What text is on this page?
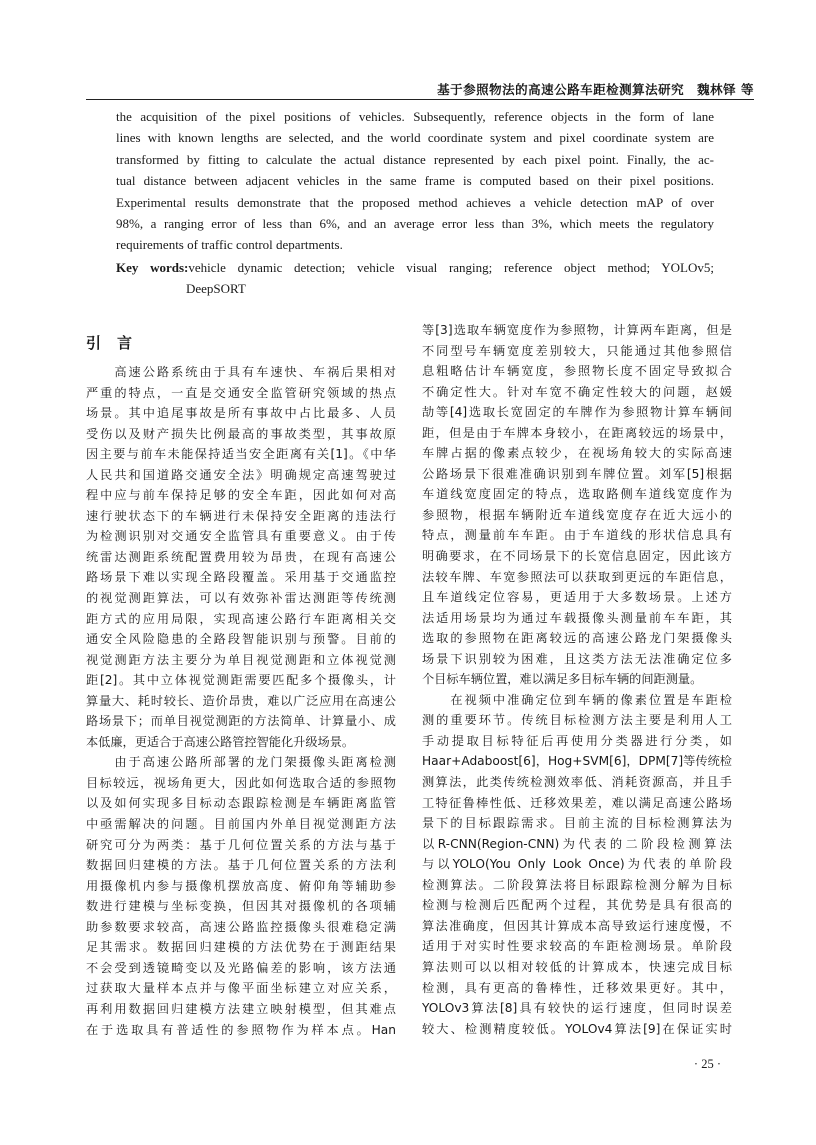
基于参照物法的高速公路车距检测算法研究　魏林铎 等
the acquisition of the pixel positions of vehicles. Subsequently, reference objects in the form of lane
lines with known lengths are selected, and the world coordinate system and pixel coordinate system are
transformed by fitting to calculate the actual distance represented by each pixel point. Finally, the ac-
tual distance between adjacent vehicles in the same frame is computed based on their pixel positions.
Experimental results demonstrate that the proposed method achieves a vehicle detection mAP of over
98%, a ranging error of less than 6%, and an average error less than 3%, which meets the regulatory
requirements of traffic control departments.
Key words:vehicle dynamic detection; vehicle visual ranging; reference object method; YOLOv5;
DeepSORT
引言
　　高速公路系统由于具有车速快、车祸后果相对
严重的特点，一直是交通安全监管研究领域的热点
场景。其中追尾事故是所有事故中占比最多、人员
受伤以及财产损失比例最高的事故类型，其事故原
因主要与前车未能保持适当安全距离有关[1]。《中华
人民共和国道路交通安全法》明确规定高速驾驶过
程中应与前车保持足够的安全车距，因此如何对高
速行驶状态下的车辆进行未保持安全距离的违法行
为检测识别对交通安全监管具有重要意义。由于传
统雷达测距系统配置费用较为昂贵，在现有高速公
路场景下难以实现全路段覆盖。采用基于交通监控
的视觉测距算法，可以有效弥补雷达测距等传统测
距方式的应用局限，实现高速公路行车距离相关交
通安全风险隐患的全路段智能识别与预警。目前的
视觉测距方法主要分为单目视觉测距和立体视觉测
距[2]。其中立体视觉测距需要匹配多个摄像头，计
算量大、耗时较长、造价昂贵，难以广泛应用在高速公
路场景下；而单目视觉测距的方法简单、计算量小、成
本低廉，更适合于高速公路管控智能化升级场景。
　　由于高速公路所部署的龙门架摄像头距离检测
目标较远，视场角更大，因此如何选取合适的参照物
以及如何实现多目标动态跟踪检测是车辆距离监管
中亟需解决的问题。目前国内外单目视觉测距方法
研究可分为两类：基于几何位置关系的方法与基于
数据回归建模的方法。基于几何位置关系的方法利
用摄像机内参与摄像机摆放高度、俯仰角等辅助参
数进行建模与坐标变换，但因其对摄像机的各项辅
助参数要求较高，高速公路监控摄像头很难稳定满
足其需求。数据回归建模的方法优势在于测距结果
不会受到透镜畸变以及光路偏差的影响，该方法通
过获取大量样本点并与像平面坐标建立对应关系，
再利用数据回归建模方法建立映射模型，但其难点
在于选取具有普适性的参照物作为样本点。Han
等[3]选取车辆宽度作为参照物，计算两车距离，但是
不同型号车辆宽度差别较大，只能通过其他参照信
息粗略估计车辆宽度，参照物长度不固定导致拟合
不确定性大。针对车宽不确定性较大的问题，赵媛
劼等[4]选取长宽固定的车牌作为参照物计算车辆间
距，但是由于车牌本身较小，在距离较远的场景中，
车牌占据的像素点较少，在视场角较大的实际高速
公路场景下很难准确识别到车牌位置。刘军[5]根据
车道线宽度固定的特点，选取路侧车道线宽度作为
参照物，根据车辆附近车道线宽度存在近大远小的
特点，测量前车车距。由于车道线的形状信息具有
明确要求，在不同场景下的长宽信息固定，因此该方
法较车牌、车宽参照法可以获取到更远的车距信息，
且车道线定位容易，更适用于大多数场景。上述方
法适用场景均为通过车载摄像头测量前车车距，其
选取的参照物在距离较远的高速公路龙门架摄像头
场景下识别较为困难，且这类方法无法准确定位多
个目标车辆位置，难以满足多目标车辆的间距测量。
　　在视频中准确定位到车辆的像素位置是车距检
测的重要环节。传统目标检测方法主要是利用人工
手动提取目标特征后再使用分类器进行分类，如
Haar+Adaboost[6]，Hog+SVM[6]，DPM[7]等传统检
测算法，此类传统检测效率低、消耗资源高，并且手
工特征鲁棒性低、迁移效果差，难以满足高速公路场
景下的目标跟踪需求。目前主流的目标检测算法为
以R-CNN(Region-CNN)为代表的二阶段检测算法
与以YOLO(You Only Look Once)为代表的单阶段
检测算法。二阶段算法将目标跟踪检测分解为目标
检测与检测后匹配两个过程，其优势是具有很高的
算法准确度，但因其计算成本高导致运行速度慢，不
适用于对实时性要求较高的车距检测场景。单阶段
算法则可以以相对较低的计算成本，快速完成目标
检测，具有更高的鲁棒性，迁移效果更好。其中，
YOLOv3算法[8]具有较快的运行速度，但同时误差
较大、检测精度较低。YOLOv4算法[9]在保证实时
· 25 ·
